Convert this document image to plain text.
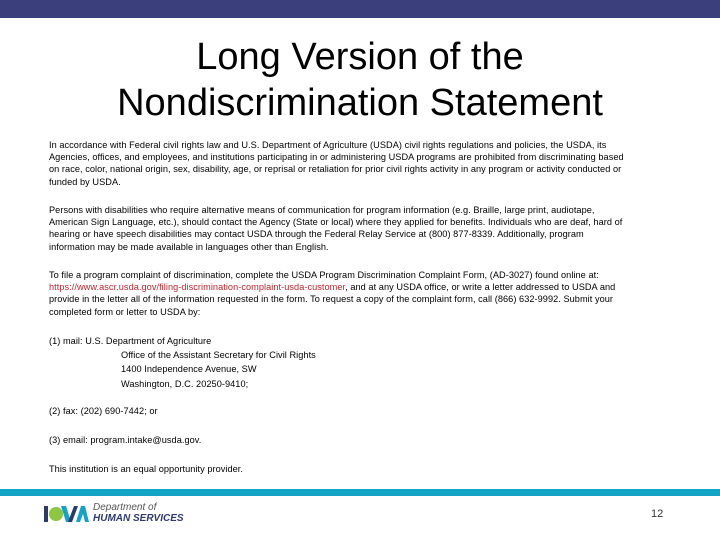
Long Version of the
Nondiscrimination Statement
In accordance with Federal civil rights law and U.S. Department of Agriculture (USDA) civil rights regulations and policies, the USDA, its
Agencies, offices, and employees, and institutions participating in or administering USDA programs are prohibited from discriminating based
on race, color, national origin, sex, disability, age, or reprisal or retaliation for prior civil rights activity in any program or activity conducted or
funded by USDA.
Persons with disabilities who require alternative means of communication for program information (e.g. Braille, large print, audiotape,
American Sign Language, etc.), should contact the Agency (State or local) where they applied for benefits. Individuals who are deaf, hard of
hearing or have speech disabilities may contact USDA through the Federal Relay Service at (800) 877-8339. Additionally, program
information may be made available in languages other than English.
To file a program complaint of discrimination, complete the USDA Program Discrimination Complaint Form, (AD-3027) found online at:
https://www.ascr.usda.gov/filing-discrimination-complaint-usda-customer, and at any USDA office, or write a letter addressed to USDA and
provide in the letter all of the information requested in the form. To request a copy of the complaint form, call (866) 632-9992. Submit your
completed form or letter to USDA by:
(1) mail: U.S. Department of Agriculture
Office of the Assistant Secretary for Civil Rights
1400 Independence Avenue, SW
Washington, D.C. 20250-9410;
(2) fax: (202) 690-7442; or
(3) email: program.intake@usda.gov.
This institution is an equal opportunity provider.
Department of
HUMAN SERVICES	12
